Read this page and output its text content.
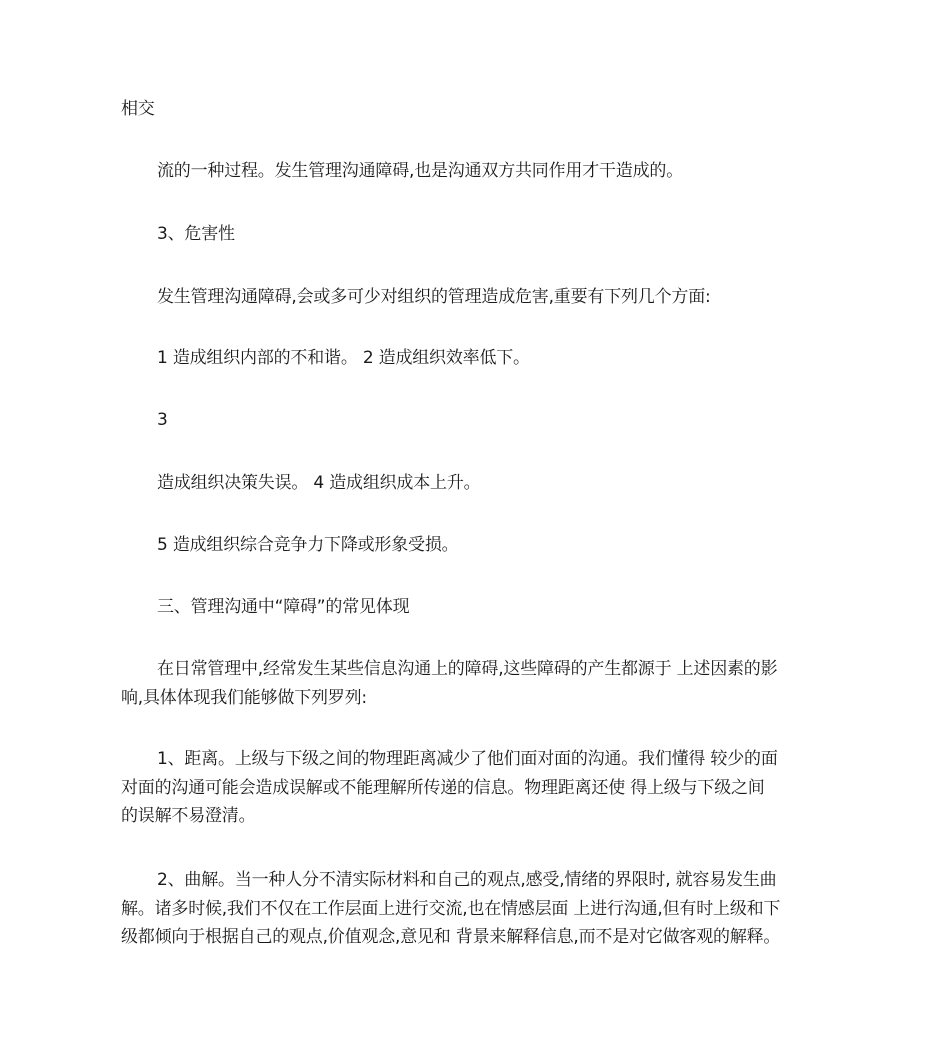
相交
流的一种过程。发生管理沟通障碍,也是沟通双方共同作用才干造成的。
3、危害性
发生管理沟通障碍,会或多可少对组织的管理造成危害,重要有下列几个方面:
1 造成组织内部的不和谐。 2 造成组织效率低下。
3
造成组织决策失误。 4 造成组织成本上升。
5 造成组织综合竞争力下降或形象受损。
三、管理沟通中“障碍”的常见体现
在日常管理中,经常发生某些信息沟通上的障碍,这些障碍的产生都源于 上述因素的影
响,具体体现我们能够做下列罗列:
1、距离。上级与下级之间的物理距离减少了他们面对面的沟通。我们懂得 较少的面
对面的沟通可能会造成误解或不能理解所传递的信息。物理距离还使 得上级与下级之间
的误解不易澄清。
2、曲解。当一种人分不清实际材料和自己的观点,感受,情绪的界限时, 就容易发生曲
解。诸多时候,我们不仅在工作层面上进行交流,也在情感层面 上进行沟通,但有时上级和下
级都倾向于根据自己的观点,价值观念,意见和 背景来解释信息,而不是对它做客观的解释。
